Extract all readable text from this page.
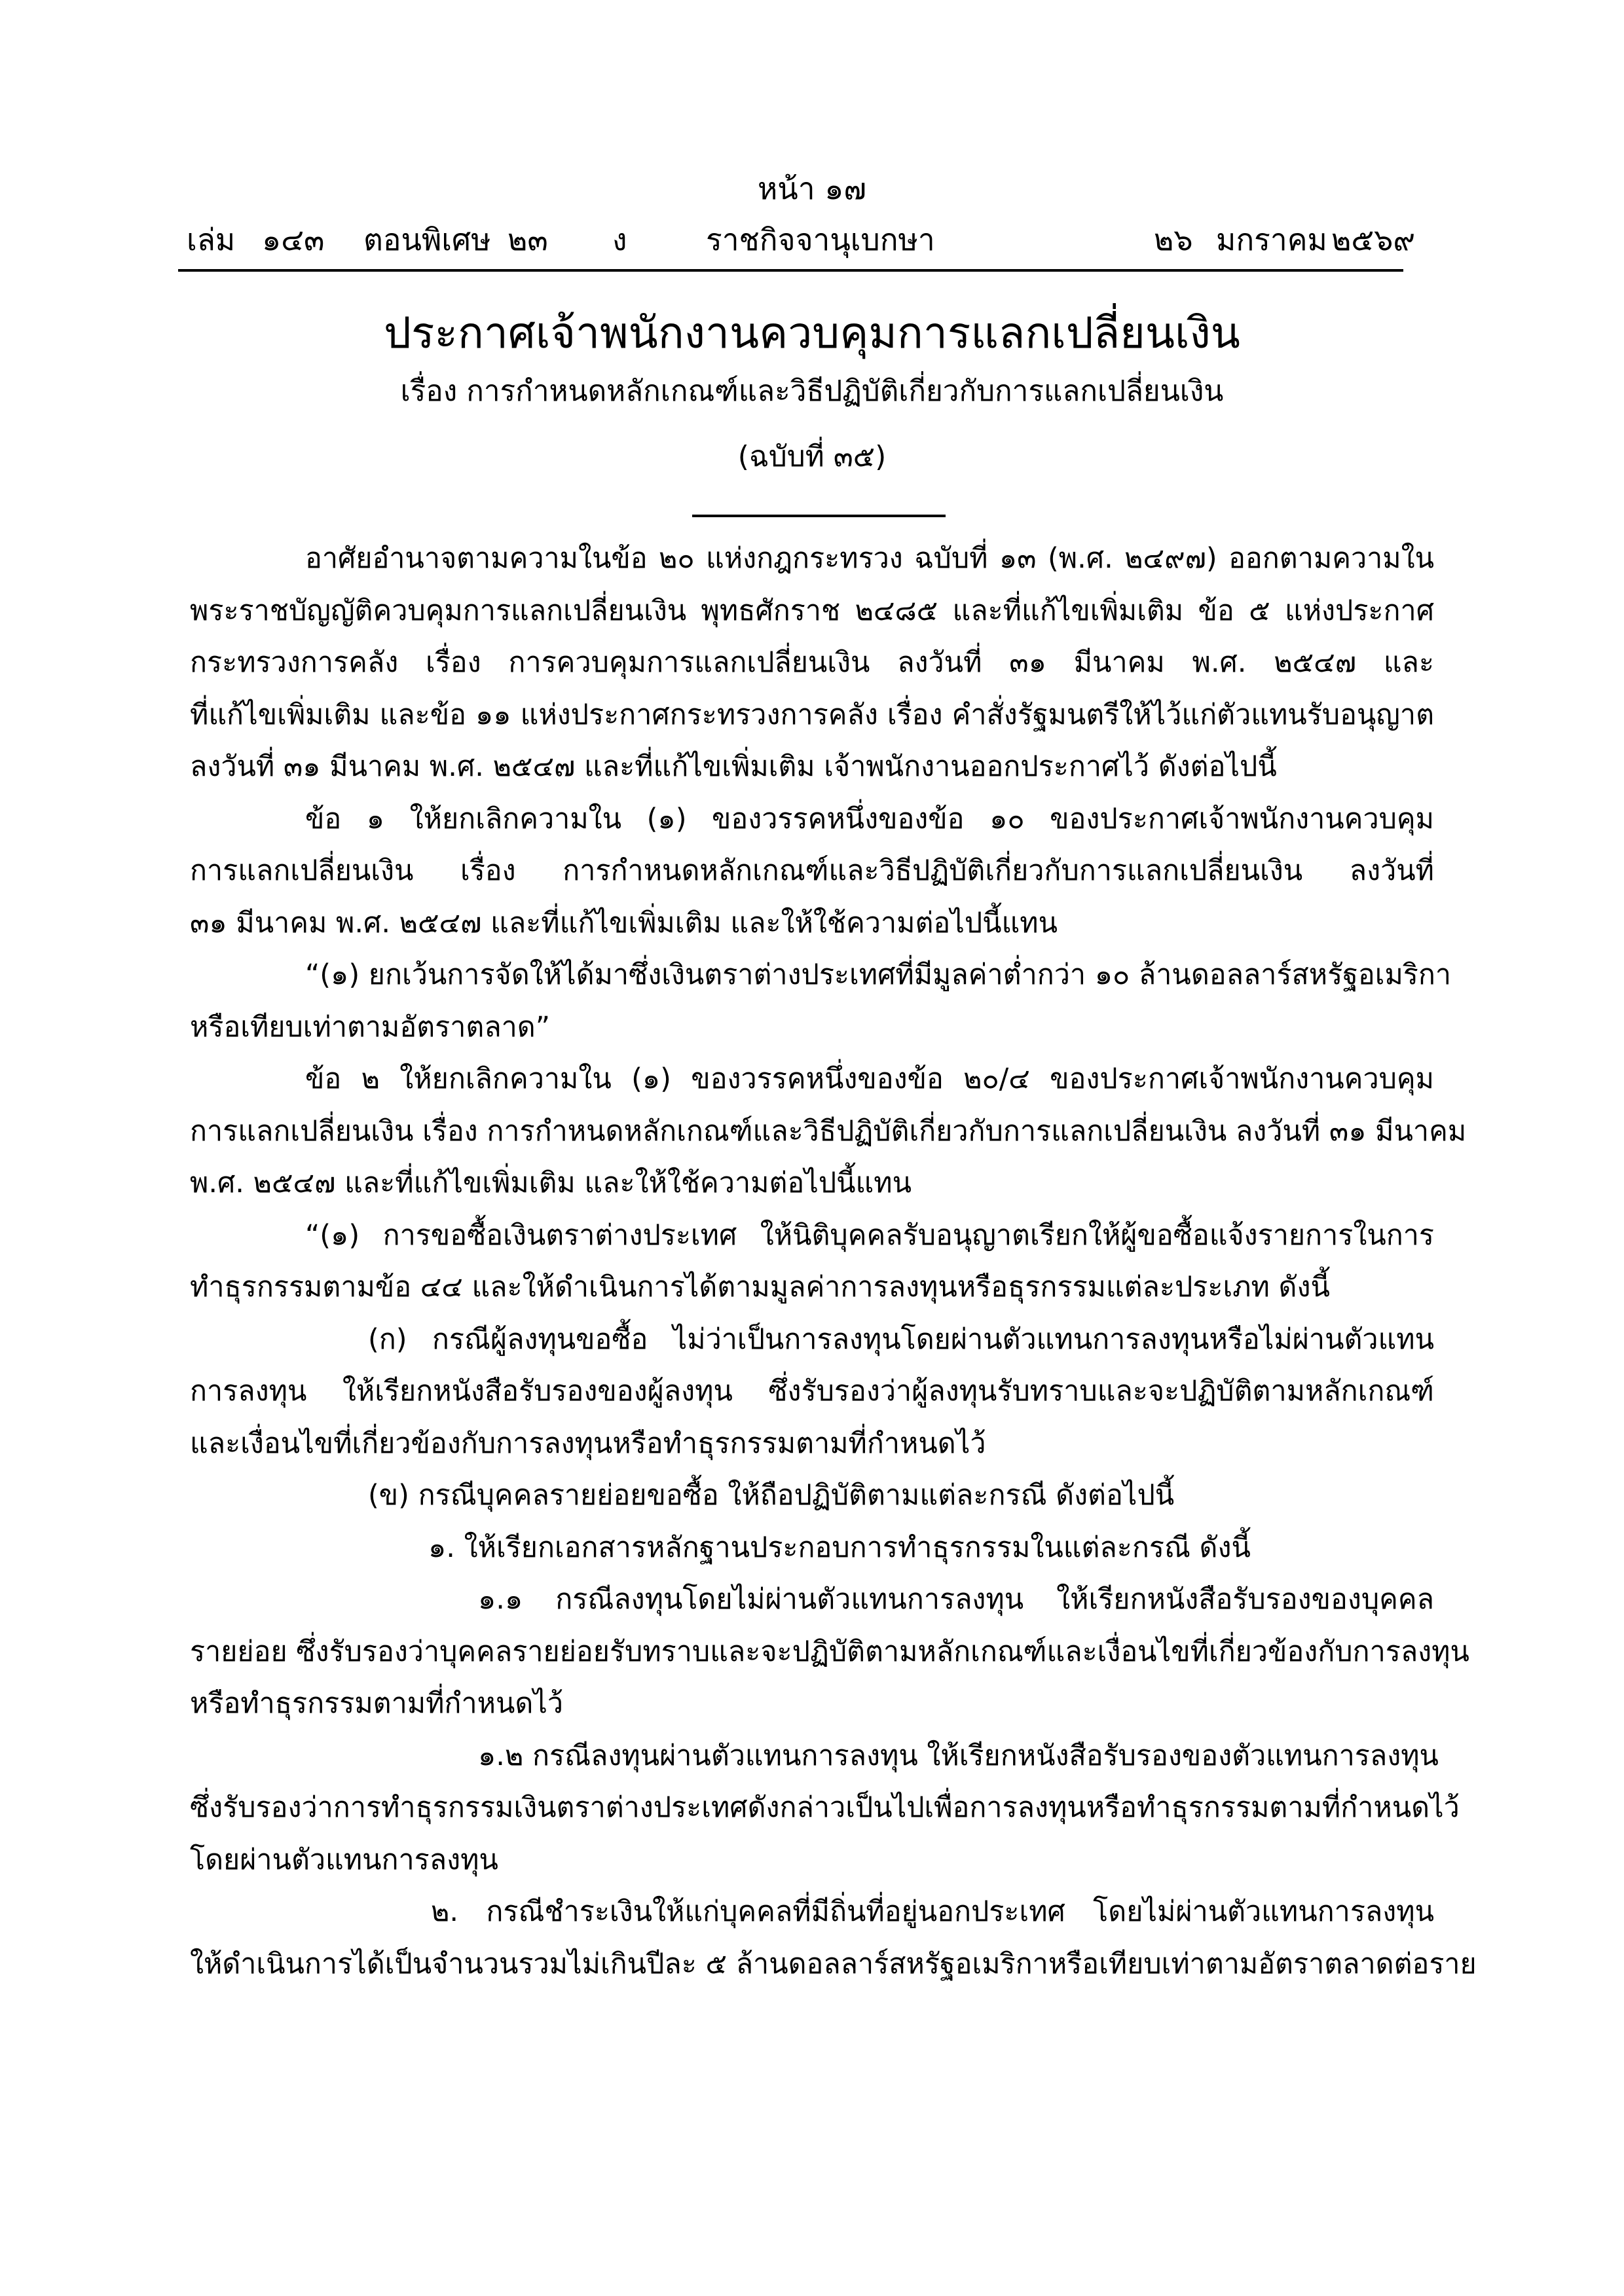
หน้า ๑๗
เล่ม ๑๔๓ ตอนพิเศษ ๒๓ ง	ราชกิจจานุเบกษา	๒๖ มกราคม ๒๕๖๙
ประกาศเจ้าพนักงานควบคุมการแลกเปลี่ยนเงิน
เรื่อง การกำหนดหลักเกณฑ์และวิธีปฏิบัติเกี่ยวกับการแลกเปลี่ยนเงิน
(ฉบับที่ ๓๕)
อาศัยอำนาจตามความในข้อ ๒๐ แห่งกฎกระทรวง ฉบับที่ ๑๓ (พ.ศ. ๒๔๙๗) ออกตามความใน
พระราชบัญญัติควบคุมการแลกเปลี่ยนเงิน พุทธศักราช ๒๔๘๕ และที่แก้ไขเพิ่มเติม ข้อ ๕ แห่งประกาศ
กระทรวงการคลัง เรื่อง การควบคุมการแลกเปลี่ยนเงิน ลงวันที่ ๓๑ มีนาคม พ.ศ. ๒๕๔๗ และ
ที่แก้ไขเพิ่มเติม และข้อ ๑๑ แห่งประกาศกระทรวงการคลัง เรื่อง คำสั่งรัฐมนตรีให้ไว้แก่ตัวแทนรับอนุญาต
ลงวันที่ ๓๑ มีนาคม พ.ศ. ๒๕๔๗ และที่แก้ไขเพิ่มเติม เจ้าพนักงานออกประกาศไว้ ดังต่อไปนี้
ข้อ ๑ ให้ยกเลิกความใน (๑) ของวรรคหนึ่งของข้อ ๑๐ ของประกาศเจ้าพนักงานควบคุม
การแลกเปลี่ยนเงิน เรื่อง การกำหนดหลักเกณฑ์และวิธีปฏิบัติเกี่ยวกับการแลกเปลี่ยนเงิน ลงวันที่
๓๑ มีนาคม พ.ศ. ๒๕๔๗ และที่แก้ไขเพิ่มเติม และให้ใช้ความต่อไปนี้แทน
“(๑) ยกเว้นการจัดให้ได้มาซึ่งเงินตราต่างประเทศที่มีมูลค่าต่ำกว่า ๑๐ ล้านดอลลาร์สหรัฐอเมริกา
หรือเทียบเท่าตามอัตราตลาด”
ข้อ ๒ ให้ยกเลิกความใน (๑) ของวรรคหนึ่งของข้อ ๒๐/๔ ของประกาศเจ้าพนักงานควบคุม
การแลกเปลี่ยนเงิน เรื่อง การกำหนดหลักเกณฑ์และวิธีปฏิบัติเกี่ยวกับการแลกเปลี่ยนเงิน ลงวันที่ ๓๑ มีนาคม
พ.ศ. ๒๕๔๗ และที่แก้ไขเพิ่มเติม และให้ใช้ความต่อไปนี้แทน
“(๑) การขอซื้อเงินตราต่างประเทศ ให้นิติบุคคลรับอนุญาตเรียกให้ผู้ขอซื้อแจ้งรายการในการ
ทำธุรกรรมตามข้อ ๔๔ และให้ดำเนินการได้ตามมูลค่าการลงทุนหรือธุรกรรมแต่ละประเภท ดังนี้
(ก) กรณีผู้ลงทุนขอซื้อ ไม่ว่าเป็นการลงทุนโดยผ่านตัวแทนการลงทุนหรือไม่ผ่านตัวแทน
การลงทุน ให้เรียกหนังสือรับรองของผู้ลงทุน ซึ่งรับรองว่าผู้ลงทุนรับทราบและจะปฏิบัติตามหลักเกณฑ์
และเงื่อนไขที่เกี่ยวข้องกับการลงทุนหรือทำธุรกรรมตามที่กำหนดไว้
(ข) กรณีบุคคลรายย่อยขอซื้อ ให้ถือปฏิบัติตามแต่ละกรณี ดังต่อไปนี้
๑. ให้เรียกเอกสารหลักฐานประกอบการทำธุรกรรมในแต่ละกรณี ดังนี้
๑.๑ กรณีลงทุนโดยไม่ผ่านตัวแทนการลงทุน ให้เรียกหนังสือรับรองของบุคคล
รายย่อย ซึ่งรับรองว่าบุคคลรายย่อยรับทราบและจะปฏิบัติตามหลักเกณฑ์และเงื่อนไขที่เกี่ยวข้องกับการลงทุน
หรือทำธุรกรรมตามที่กำหนดไว้
๑.๒ กรณีลงทุนผ่านตัวแทนการลงทุน ให้เรียกหนังสือรับรองของตัวแทนการลงทุน
ซึ่งรับรองว่าการทำธุรกรรมเงินตราต่างประเทศดังกล่าวเป็นไปเพื่อการลงทุนหรือทำธุรกรรมตามที่กำหนดไว้
โดยผ่านตัวแทนการลงทุน
๒. กรณีชำระเงินให้แก่บุคคลที่มีถิ่นที่อยู่นอกประเทศ โดยไม่ผ่านตัวแทนการลงทุน
ให้ดำเนินการได้เป็นจำนวนรวมไม่เกินปีละ ๕ ล้านดอลลาร์สหรัฐอเมริกาหรือเทียบเท่าตามอัตราตลาดต่อราย
